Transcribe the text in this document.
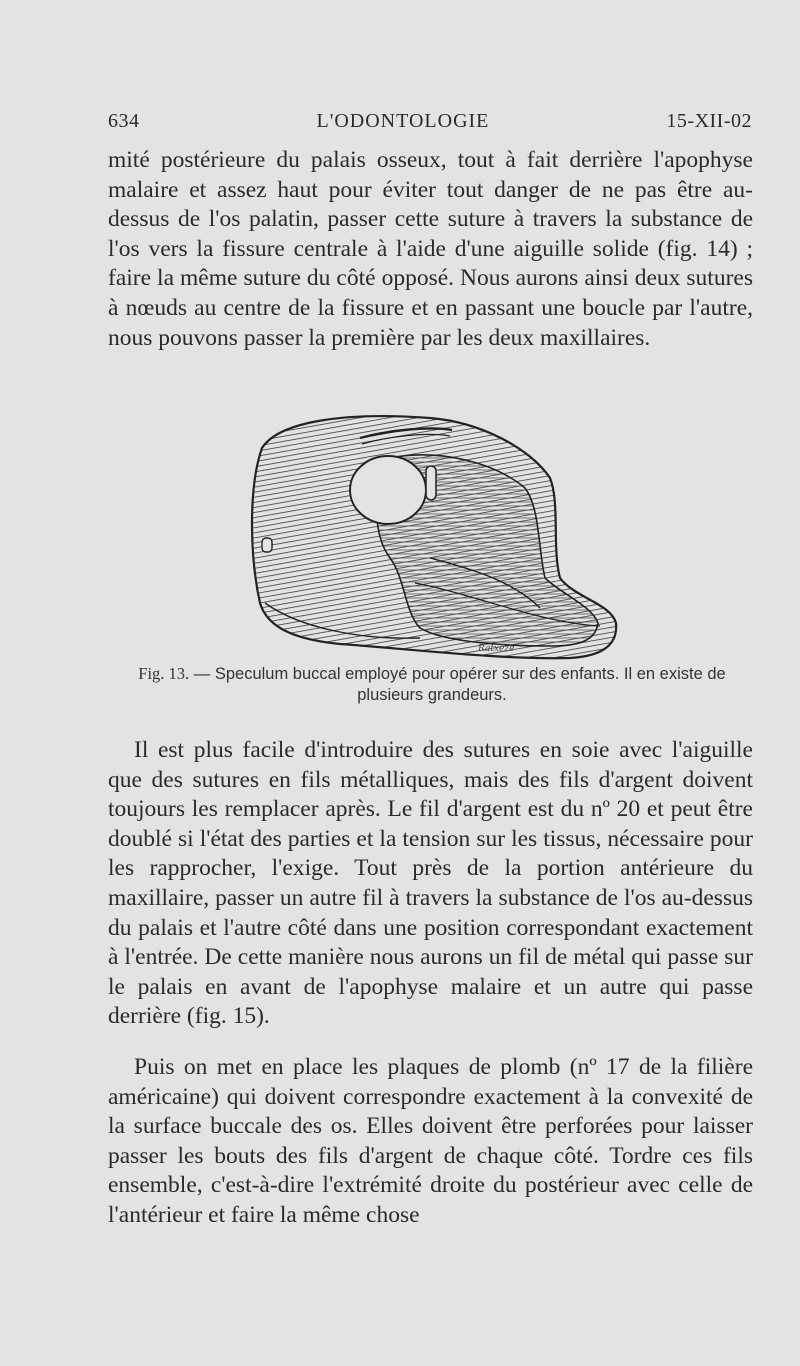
634	L'ODONTOLOGIE	15-XII-02

mité postérieure du palais osseux, tout à fait derrière l'apophyse malaire et assez haut pour éviter tout danger de ne pas être au-dessus de l'os palatin, passer cette suture à travers la substance de l'os vers la fissure centrale à l'aide d'une aiguille solide (fig. 14) ; faire la même suture du côté opposé. Nous aurons ainsi deux sutures à nœuds au centre de la fissure et en passant une boucle par l'autre, nous pouvons passer la première par les deux maxillaires.

Ratxeze
Fig. 13. — Speculum buccal employé pour opérer sur des enfants. Il en existe de plusieurs grandeurs.

Il est plus facile d'introduire des sutures en soie avec l'aiguille que des sutures en fils métalliques, mais des fils d'argent doivent toujours les remplacer après. Le fil d'argent est du nº 20 et peut être doublé si l'état des parties et la tension sur les tissus, nécessaire pour les rapprocher, l'exige. Tout près de la portion antérieure du maxillaire, passer un autre fil à travers la substance de l'os au-dessus du palais et l'autre côté dans une position correspondant exactement à l'entrée. De cette manière nous aurons un fil de métal qui passe sur le palais en avant de l'apophyse malaire et un autre qui passe derrière (fig. 15).

Puis on met en place les plaques de plomb (nº 17 de la filière américaine) qui doivent correspondre exactement à la convexité de la surface buccale des os. Elles doivent être perforées pour laisser passer les bouts des fils d'argent de chaque côté. Tordre ces fils ensemble, c'est-à-dire l'extrémité droite du postérieur avec celle de l'antérieur et faire la même chose
